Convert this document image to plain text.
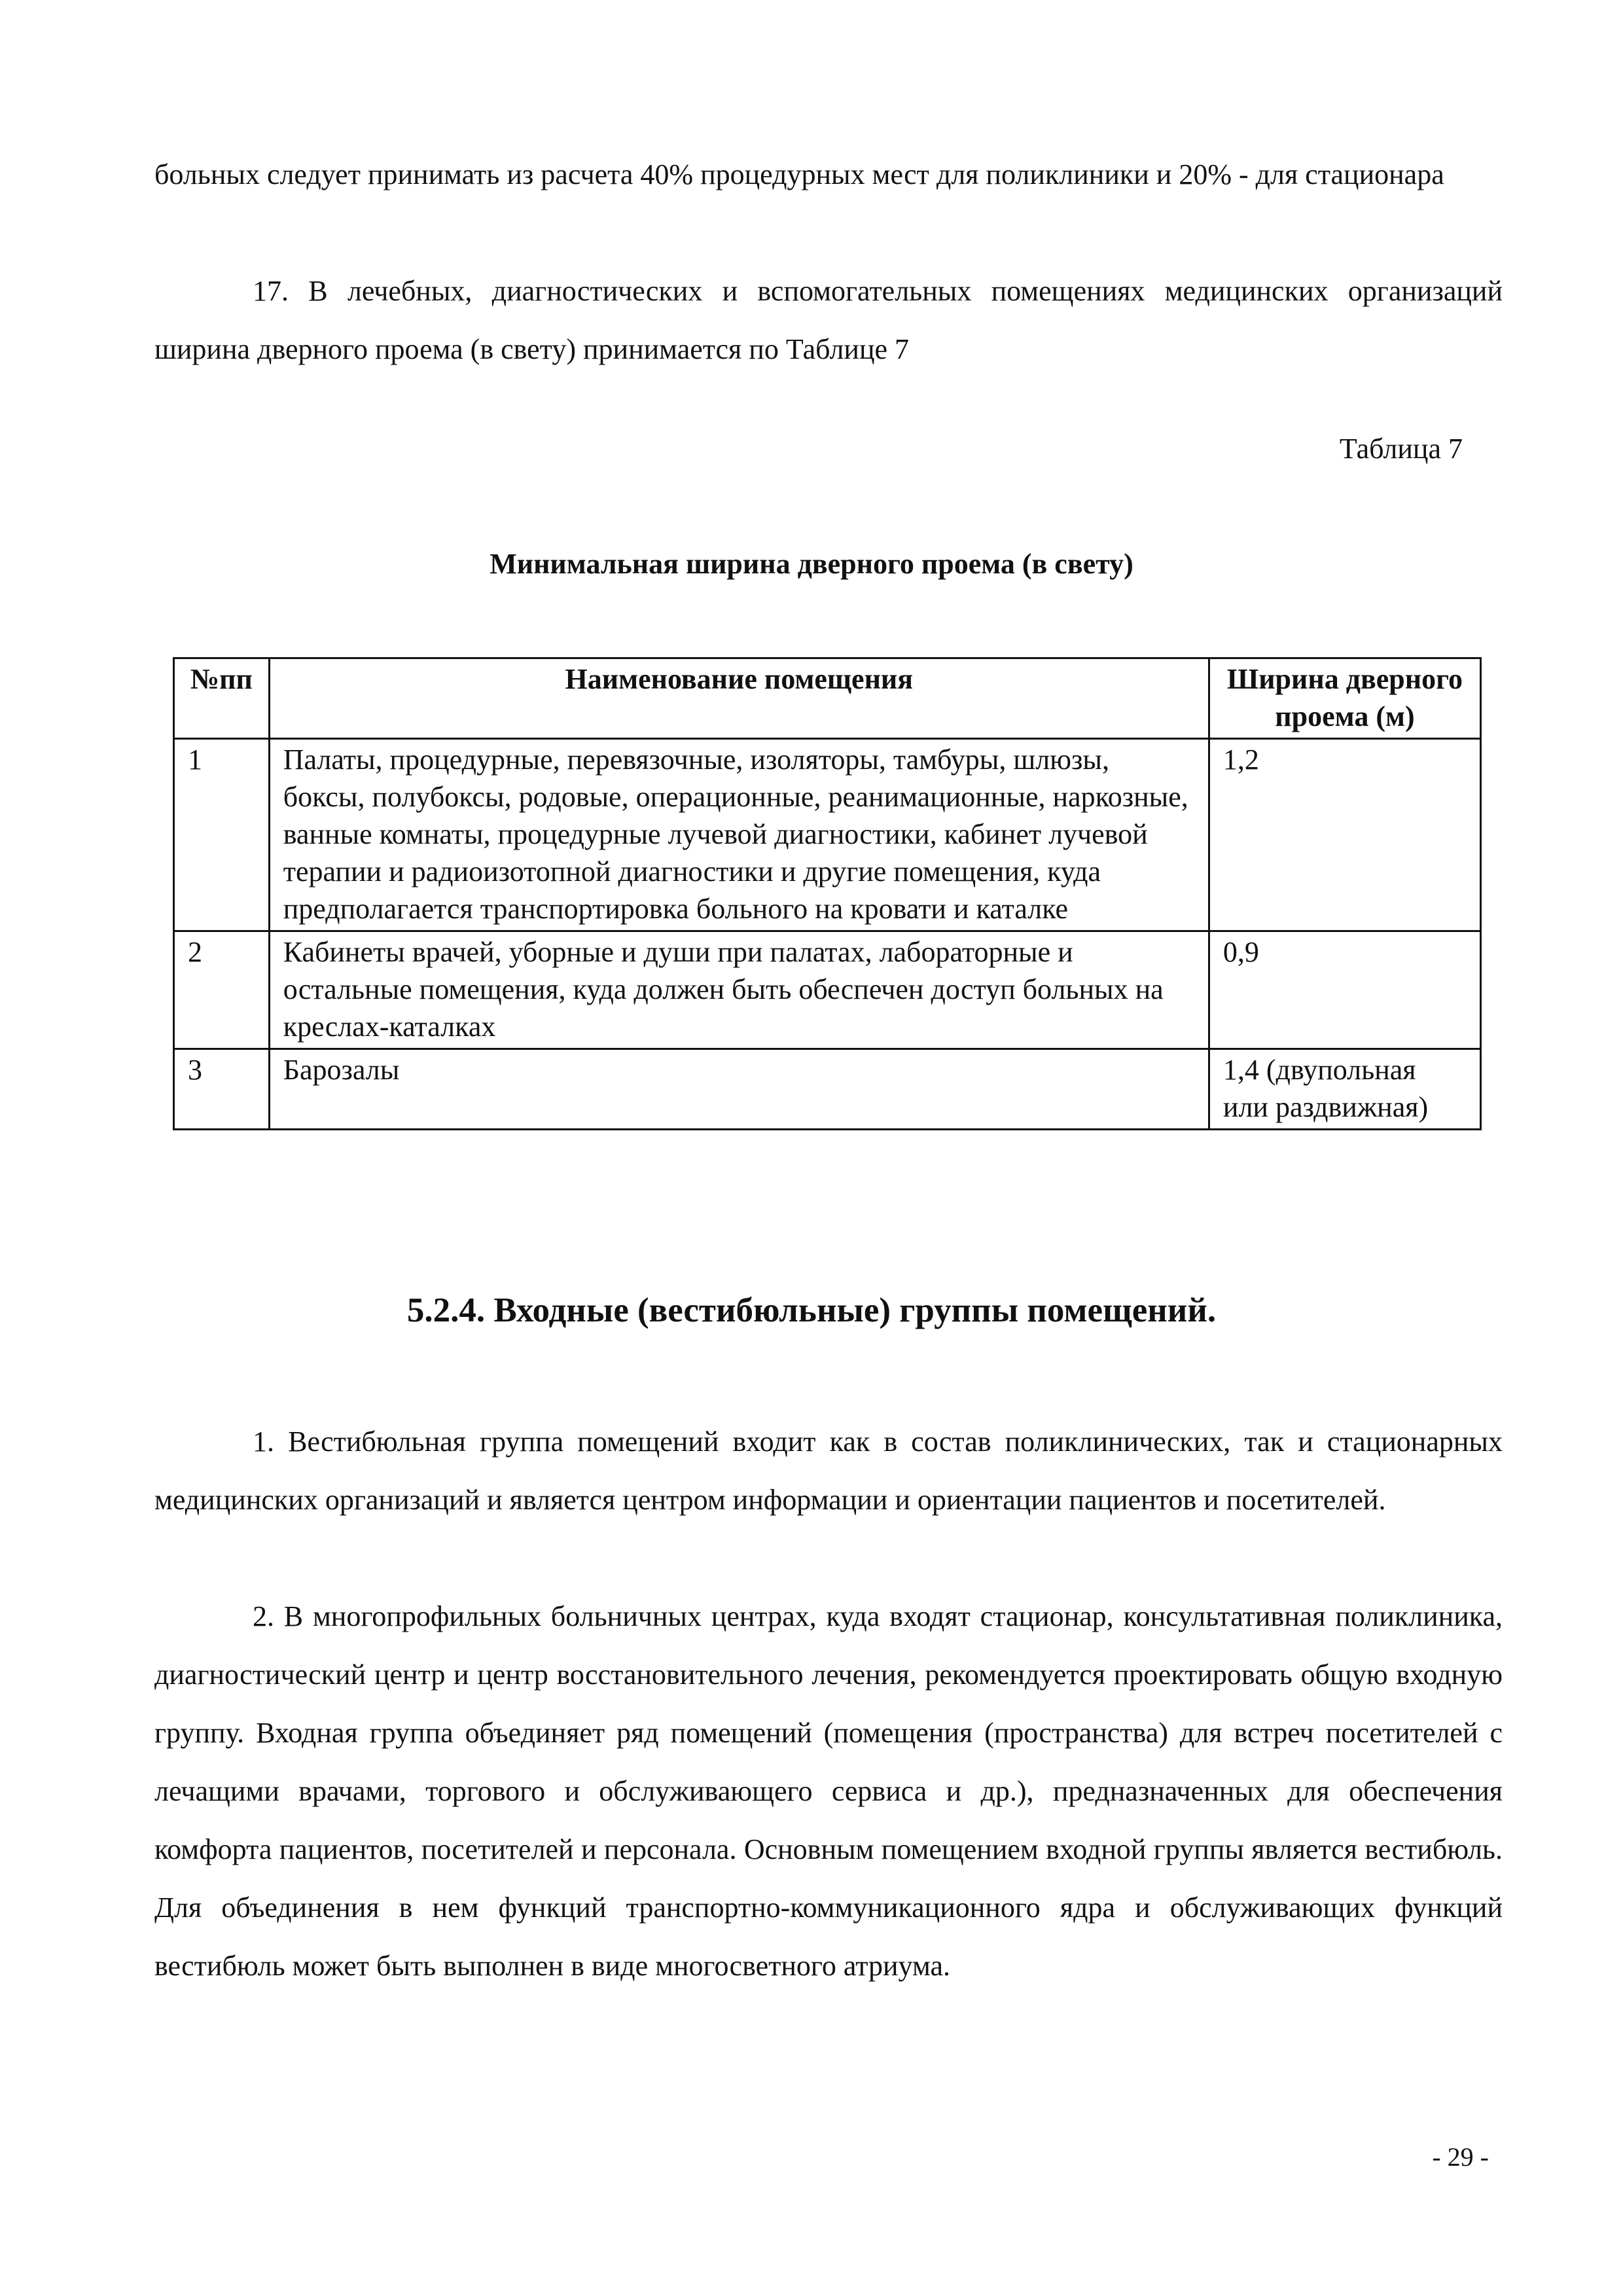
больных следует принимать из расчета 40% процедурных мест для поликлиники и 20% - для стационара

17. В лечебных, диагностических и вспомогательных помещениях медицинских организаций ширина дверного проема (в свету) принимается по Таблице 7

Таблица 7

Минимальная ширина дверного проема (в свету)

№пп	Наименование помещения	Ширина дверного проема (м)
1	Палаты, процедурные, перевязочные, изоляторы, тамбуры, шлюзы, боксы, полубоксы, родовые, операционные, реанимационные, наркозные, ванные комнаты, процедурные лучевой диагностики, кабинет лучевой терапии и радиоизотопной диагностики и другие помещения, куда предполагается транспортировка больного на кровати и каталке	1,2
2	Кабинеты врачей, уборные и души при палатах, лабораторные и остальные помещения, куда должен быть обеспечен доступ больных на креслах-каталках	0,9
3	Барозалы	1,4 (двупольная или раздвижная)

5.2.4. Входные (вестибюльные) группы помещений.

1. Вестибюльная группа помещений входит как в состав поликлинических, так и стационарных медицинских организаций и является центром информации и ориентации пациентов и посетителей.

2. В многопрофильных больничных центрах, куда входят стационар, консультативная поликлиника, диагностический центр и центр восстановительного лечения, рекомендуется проектировать общую входную группу. Входная группа объединяет ряд помещений (помещения (пространства) для встреч посетителей с лечащими врачами, торгового и обслуживающего сервиса и др.), предназначенных для обеспечения комфорта пациентов, посетителей и персонала. Основным помещением входной группы является вестибюль. Для объединения в нем функций транспортно-коммуникационного ядра и обслуживающих функций вестибюль может быть выполнен в виде многосветного атриума.

- 29 -
